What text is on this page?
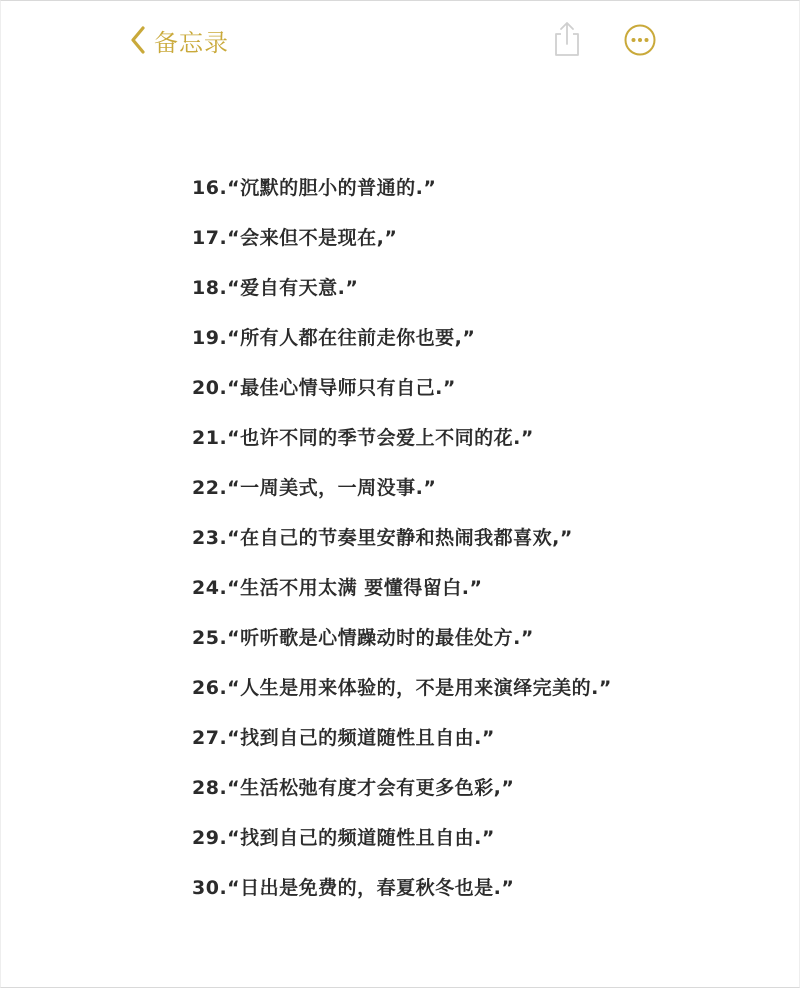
备忘录
16.“沉默的胆小的普通的.”
17.“会来但不是现在,”
18.“爱自有天意.”
19.“所有人都在往前走你也要,”
20.“最佳心情导师只有自己.”
21.“也许不同的季节会爱上不同的花.”
22.“一周美式，一周没事.”
23.“在自己的节奏里安静和热闹我都喜欢,”
24.“生活不用太满 要懂得留白.”
25.“听听歌是心情躁动时的最佳处方.”
26.“人生是用来体验的，不是用来演绎完美的.”
27.“找到自己的频道随性且自由.”
28.“生活松弛有度才会有更多色彩,”
29.“找到自己的频道随性且自由.”
30.“日出是免费的，春夏秋冬也是.”
